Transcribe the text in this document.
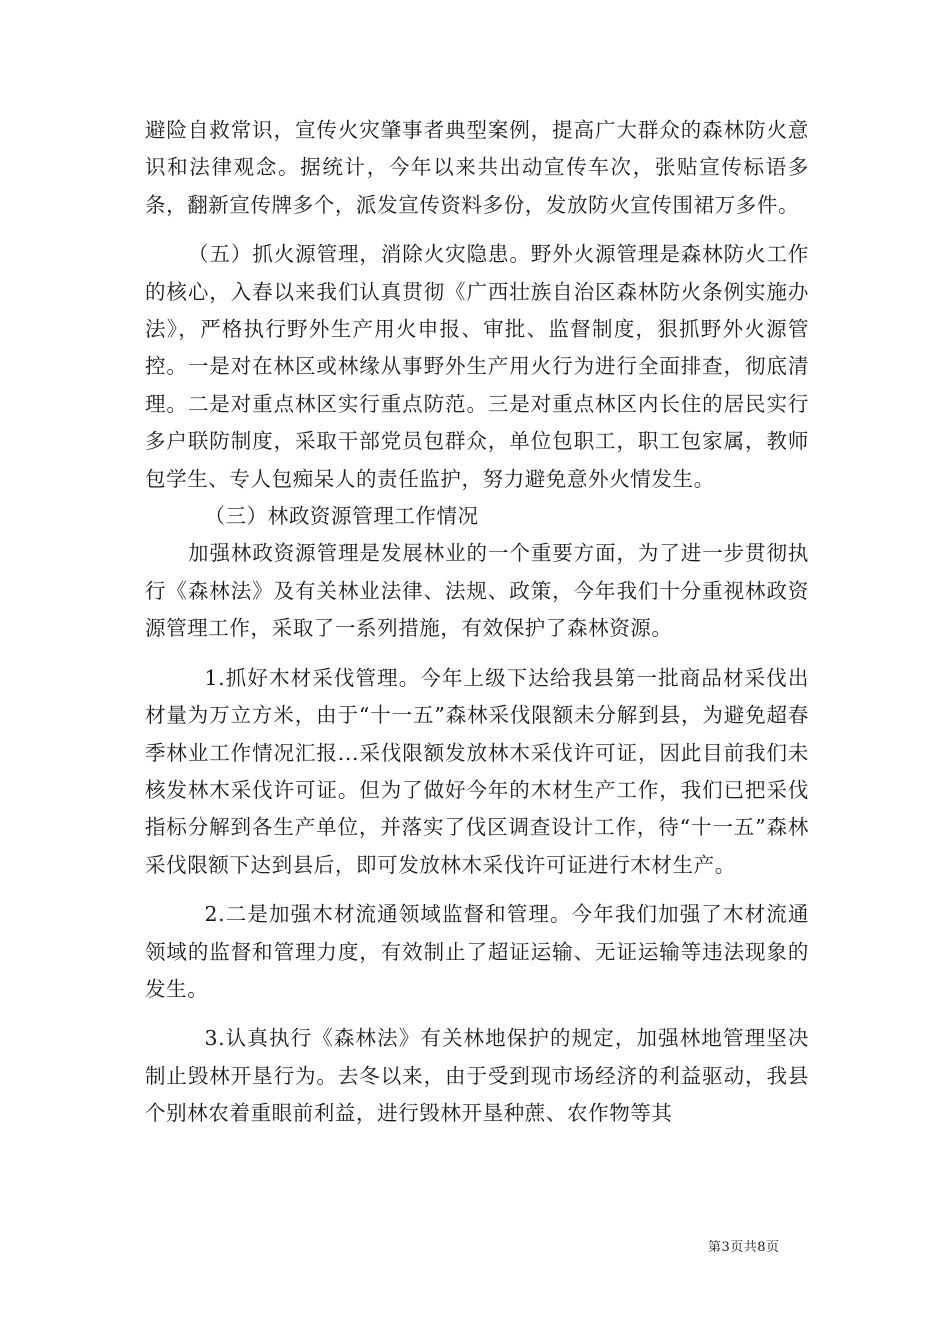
避险自救常识，宣传火灾肇事者典型案例，提高广大群众的森林防火意识和法律观念。据统计，今年以来共出动宣传车次，张贴宣传标语多条，翻新宣传牌多个，派发宣传资料多份，发放防火宣传围裙万多件。

（五）抓火源管理，消除火灾隐患。野外火源管理是森林防火工作的核心，入春以来我们认真贯彻《广西壮族自治区森林防火条例实施办法》，严格执行野外生产用火申报、审批、监督制度，狠抓野外火源管控。一是对在林区或林缘从事野外生产用火行为进行全面排查，彻底清理。二是对重点林区实行重点防范。三是对重点林区内长住的居民实行多户联防制度，采取干部党员包群众，单位包职工，职工包家属，教师包学生、专人包痴呆人的责任监护，努力避免意外火情发生。

（三）林政资源管理工作情况

加强林政资源管理是发展林业的一个重要方面，为了进一步贯彻执行《森林法》及有关林业法律、法规、政策，今年我们十分重视林政资源管理工作，采取了一系列措施，有效保护了森林资源。

1.抓好木材采伐管理。今年上级下达给我县第一批商品材采伐出材量为万立方米，由于“十一五”森林采伐限额未分解到县，为避免超春季林业工作情况汇报...采伐限额发放林木采伐许可证，因此目前我们未核发林木采伐许可证。但为了做好今年的木材生产工作，我们已把采伐指标分解到各生产单位，并落实了伐区调查设计工作，待“十一五”森林采伐限额下达到县后，即可发放林木采伐许可证进行木材生产。

2.二是加强木材流通领域监督和管理。今年我们加强了木材流通领域的监督和管理力度，有效制止了超证运输、无证运输等违法现象的发生。

3.认真执行《森林法》有关林地保护的规定，加强林地管理坚决制止毁林开垦行为。去冬以来，由于受到现市场经济的利益驱动，我县个别林农着重眼前利益，进行毁林开垦种蔗、农作物等其

第3页共8页
